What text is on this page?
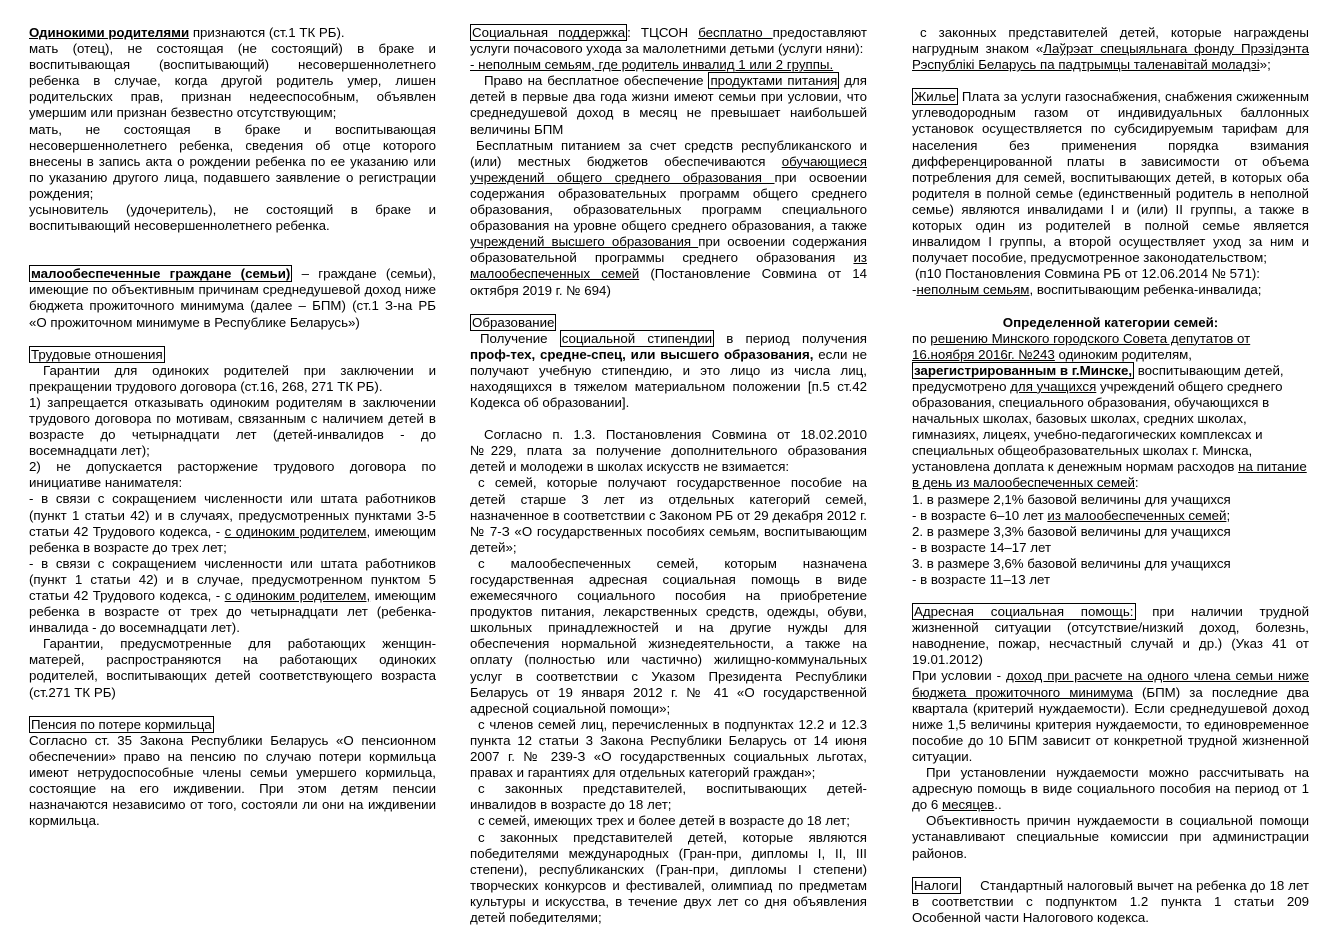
Одинокими родителями признаются (ст.1 ТК РБ).

мать (отец), не состоящая (не состоящий) в браке и воспитывающая (воспитывающий) несовершеннолетнего ребенка в случае, когда другой родитель умер, лишен родительских прав, признан недееспособным, объявлен умершим или признан безвестно отсутствующим;

мать, не состоящая в браке и воспитывающая несовершеннолетнего ребенка, сведения об отце которого внесены в запись акта о рождении ребенка по ее указанию или по указанию другого лица, подавшего заявление о регистрации рождения;

усыновитель (удочеритель), не состоящий в браке и воспитывающий несовершеннолетнего ребенка.

малообеспеченные граждане (семьи) – граждане (семьи), имеющие по объективным причинам среднедушевой доход ниже бюджета прожиточного минимума (далее – БПМ) (ст.1 З-на РБ «О прожиточном минимуме в Республике Беларусь»)

Трудовые отношения

Гарантии для одиноких родителей при заключении и прекращении трудового договора (ст.16, 268, 271 ТК РБ).

1) запрещается отказывать одиноким родителям в заключении трудового договора по мотивам, связанным с наличием детей в возрасте до четырнадцати лет (детей-инвалидов - до восемнадцати лет);

2) не допускается расторжение трудового договора по инициативе нанимателя:

- в связи с сокращением численности или штата работников (пункт 1 статьи 42) и в случаях, предусмотренных пунктами 3-5 статьи 42 Трудового кодекса, - с одиноким родителем, имеющим ребенка в возрасте до трех лет;

- в связи с сокращением численности или штата работников (пункт 1 статьи 42) и в случае, предусмотренном пунктом 5 статьи 42 Трудового кодекса, - с одиноким родителем, имеющим ребенка в возрасте от трех до четырнадцати лет (ребенка-инвалида - до восемнадцати лет).

Гарантии, предусмотренные для работающих женщин-матерей, распространяются на работающих одиноких родителей, воспитывающих детей соответствующего возраста (ст.271 ТК РБ)

Пенсия по потере кормильца

Согласно ст. 35 Закона Республики Беларусь «О пенсионном обеспечении» право на пенсию по случаю потери кормильца имеют нетрудоспособные члены семьи умершего кормильца, состоящие на его иждивении. При этом детям пенсии назначаются независимо от того, состояли ли они на иждивении кормильца.

Социальная поддержка : ТЦСОН бесплатно предоставляют услуги почасового ухода за малолетними детьми (услуги няни):

- неполным семьям, где родитель инвалид 1 или 2 группы.

Право на бесплатное обеспечение продуктами питания для детей в первые два года жизни имеют семьи при условии, что среднедушевой доход в месяц не превышает наибольшей величины БПМ

Бесплатным питанием за счет средств республиканского и (или) местных бюджетов обеспечиваются обучающиеся учреждений общего среднего образования при освоении содержания образовательных программ общего среднего образования, образовательных программ специального образования на уровне общего среднего образования, а также учреждений высшего образования при освоении содержания образовательной программы среднего образования из малообеспеченных семей (Постановление Совмина от 14 октября 2019 г. № 694)

Образование

Получение социальной стипендии в период получения проф-тех, средне-спец, или высшего образования, если не получают учебную стипендию, и это лицо из числа лиц, находящихся в тяжелом материальном положении [п.5 ст.42 Кодекса об образовании].

Согласно п. 1.3. Постановления Совмина от 18.02.2010 №229, плата за получение дополнительного образования детей и молодежи в школах искусств не взимается:

с семей, которые получают государственное пособие на детей старше 3 лет из отдельных категорий семей, назначенное в соответствии с Законом РБ от 29 декабря 2012 г. № 7-З «О государственных пособиях семьям, воспитывающим детей»;

с малообеспеченных семей, которым назначена государственная адресная социальная помощь в виде ежемесячного социального пособия на приобретение продуктов питания, лекарственных средств, одежды, обуви, школьных принадлежностей и на другие нужды для обеспечения нормальной жизнедеятельности, а также на оплату (полностью или частично) жилищно-коммунальных услуг в соответствии с Указом Президента Республики Беларусь от 19 января 2012 г. № 41 «О государственной адресной социальной помощи»;

с членов семей лиц, перечисленных в подпунктах 12.2 и 12.3 пункта 12 статьи 3 Закона Республики Беларусь от 14 июня 2007 г. № 239-З «О государственных социальных льготах, правах и гарантиях для отдельных категорий граждан»;

с законных представителей, воспитывающих детей-инвалидов в возрасте до 18 лет;

с семей, имеющих трех и более детей в возрасте до 18 лет;

с законных представителей детей, которые являются победителями международных (Гран-при, дипломы I, II, III степени), республиканских (Гран-при, дипломы I степени) творческих конкурсов и фестивалей, олимпиад по предметам культуры и искусства, в течение двух лет со дня объявления детей победителями;

с законных представителей детей, которые награждены нагрудным знаком «Лаўрэат спецыяльнага фонду Прэзідэнта Рэспублікі Беларусь па падтрымцы таленавітай моладзі»;

Жилье Плата за услуги газоснабжения, снабжения сжиженным углеводородным газом от индивидуальных баллонных установок осуществляется по субсидируемым тарифам для населения без применения порядка взимания дифференцированной платы в зависимости от объема потребления для семей, воспитывающих детей, в которых оба родителя в полной семье (единственный родитель в неполной семье) являются инвалидами I и (или) II группы, а также в которых один из родителей в полной семье является инвалидом I группы, а второй осуществляет уход за ним и получает пособие, предусмотренное законодательством;

(п10 Постановления Совмина РБ от 12.06.2014 № 571):

-неполным семьям, воспитывающим ребенка-инвалида;

Определенной категории семей:

по решению Минского городского Совета депутатов от 16.ноября 2016г. №243 одиноким родителям,
зарегистрированным в г.Минске, воспитывающим детей, предусмотрено для учащихся учреждений общего среднего образования, специального образования, обучающихся в начальных школах, базовых школах, средних школах, гимназиях, лицеях, учебно-педагогических комплексах и специальных общеобразовательных школах г. Минска, установлена доплата к денежным нормам расходов на питание в день из малообеспеченных семей:

1. в размере 2,1% базовой величины для учащихся

- в возрасте 6–10 лет из малообеспеченных семей;

2. в размере 3,3% базовой величины для учащихся

- в возрасте 14–17 лет

3. в размере 3,6% базовой величины для учащихся

- в возрасте 11–13 лет

Адресная социальная помощь: при наличии трудной жизненной ситуации (отсутствие/низкий доход, болезнь, наводнение, пожар, несчастный случай и др.) (Указ 41 от 19.01.2012)

При условии - доход при расчете на одного члена семьи ниже бюджета прожиточного минимума (БПМ) за последние два квартала (критерий нуждаемости). Если среднедушевой доход ниже 1,5 величины критерия нуждаемости, то единовременное пособие до 10 БПМ зависит от конкретной трудной жизненной ситуации.

При установлении нуждаемости можно рассчитывать на адресную помощь в виде социального пособия на период от 1 до 6 месяцев..

Объективность причин нуждаемости в социальной помощи устанавливают специальные комиссии при администрации районов.

Налоги Стандартный налоговый вычет на ребенка до 18 лет в соответствии с подпунктом 1.2 пункта 1 статьи 209 Особенной части Налогового кодекса.
